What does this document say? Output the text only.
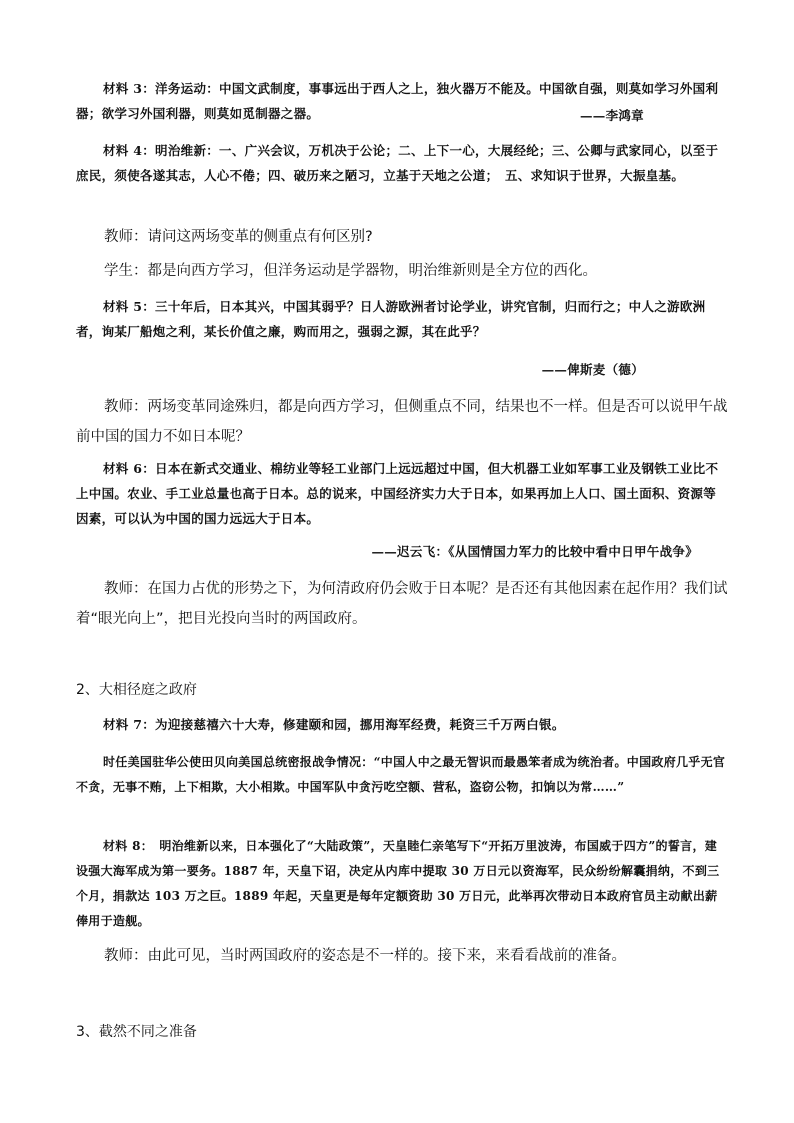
材料 3：洋务运动：中国文武制度，事事远出于西人之上，独火器万不能及。中国欲自强，则莫如学习外国利器；欲学习外国利器，则莫如觅制器之器。	——李鸿章

材料 4：明治维新：一、广兴会议，万机决于公论；二、上下一心，大展经纶；三、公卿与武家同心，以至于庶民，须使各遂其志，人心不倦；四、破历来之陋习，立基于天地之公道；　五、求知识于世界，大振皇基。

教师：请问这两场变革的侧重点有何区别?

学生：都是向西方学习，但洋务运动是学器物，明治维新则是全方位的西化。

材料 5：三十年后，日本其兴，中国其弱乎？日人游欧洲者讨论学业，讲究官制，归而行之；中人之游欧洲者，询某厂船炮之利，某长价值之廉，购而用之，强弱之源，其在此乎？

——俾斯麦（德）

教师：两场变革同途殊归，都是向西方学习，但侧重点不同，结果也不一样。但是否可以说甲午战前中国的国力不如日本呢？

材料 6：日本在新式交通业、棉纺业等轻工业部门上远远超过中国，但大机器工业如军事工业及钢铁工业比不上中国。农业、手工业总量也高于日本。总的说来，中国经济实力大于日本，如果再加上人口、国土面积、资源等因素，可以认为中国的国力远远大于日本。

——迟云飞：《从国情国力军力的比较中看中日甲午战争》

教师：在国力占优的形势之下，为何清政府仍会败于日本呢？是否还有其他因素在起作用？我们试着“眼光向上”，把目光投向当时的两国政府。

2、大相径庭之政府

材料 7：为迎接慈禧六十大寿，修建颐和园，挪用海军经费，耗资三千万两白银。

时任美国驻华公使田贝向美国总统密报战争情况：“中国人中之最无智识而最愚笨者成为统治者。中国政府几乎无官不贪，无事不贿，上下相欺，大小相欺。中国军队中贪污吃空额、营私，盗窃公物，扣饷以为常……”

材料 8：　明治维新以来，日本强化了“大陆政策”，天皇睦仁亲笔写下“开拓万里波涛，布国威于四方”的誓言，建设强大海军成为第一要务。1887 年，天皇下诏，决定从内库中提取 30 万日元以资海军，民众纷纷解囊捐纳，不到三个月，捐款达 103 万之巨。1889 年起，天皇更是每年定额资助 30 万日元，此举再次带动日本政府官员主动献出薪俸用于造舰。

教师：由此可见，当时两国政府的姿态是不一样的。接下来，来看看战前的准备。

3、截然不同之准备
